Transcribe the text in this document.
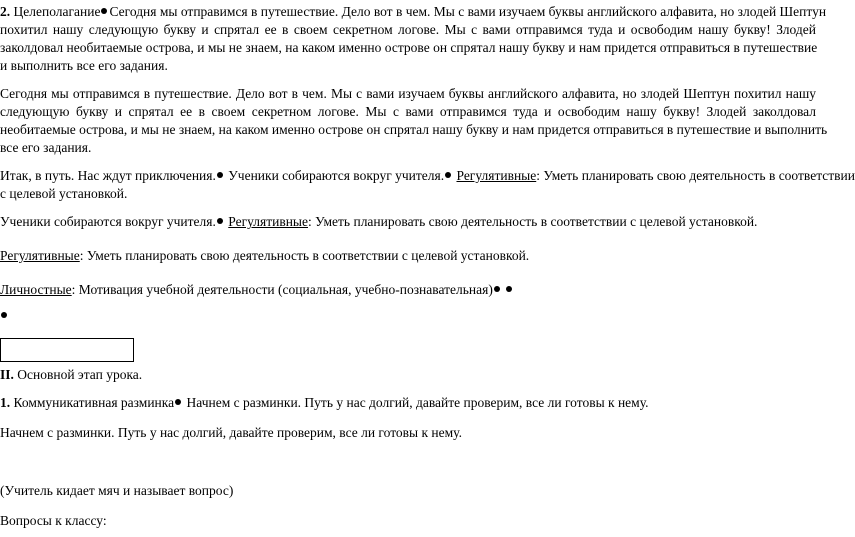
2. Целеполагание Сегодня мы отправимся в путешествие. Дело вот в чем. Мы с вами изучаем буквы английского алфавита, но злодей Шептун

похитил нашу следующую букву и спрятал ее в своем секретном логове. Мы с вами отправимся туда и освободим нашу букву! Злодей

заколдовал необитаемые острова, и мы не знаем, на каком именно острове он спрятал нашу букву и нам придется отправиться в путешествие

и выполнить все его задания.

Сегодня мы отправимся в путешествие. Дело вот в чем. Мы с вами изучаем буквы английского алфавита, но злодей Шептун похитил нашу

следующую букву и спрятал ее в своем секретном логове. Мы с вами отправимся туда и освободим нашу букву! Злодей заколдовал

необитаемые острова, и мы не знаем, на каком именно острове он спрятал нашу букву и нам придется отправиться в путешествие и выполнить

все его задания.

Итак, в путь. Нас ждут приключения. Ученики собираются вокруг учителя. Регулятивные: Уметь планировать свою деятельность в соответствии

с целевой установкой.

Ученики собираются вокруг учителя. Регулятивные: Уметь планировать свою деятельность в соответствии с целевой установкой.

Регулятивные: Уметь планировать свою деятельность в соответствии с целевой установкой.

Личностные: Мотивация учебной деятельности (социальная, учебно-познавательная)

II. Основной этап урока.

1. Коммуникативная разминка Начнем с разминки. Путь у нас долгий, давайте проверим, все ли готовы к нему.

Начнем с разминки. Путь у нас долгий, давайте проверим, все ли готовы к нему.

(Учитель кидает мяч и называет вопрос)

Вопросы к классу:
